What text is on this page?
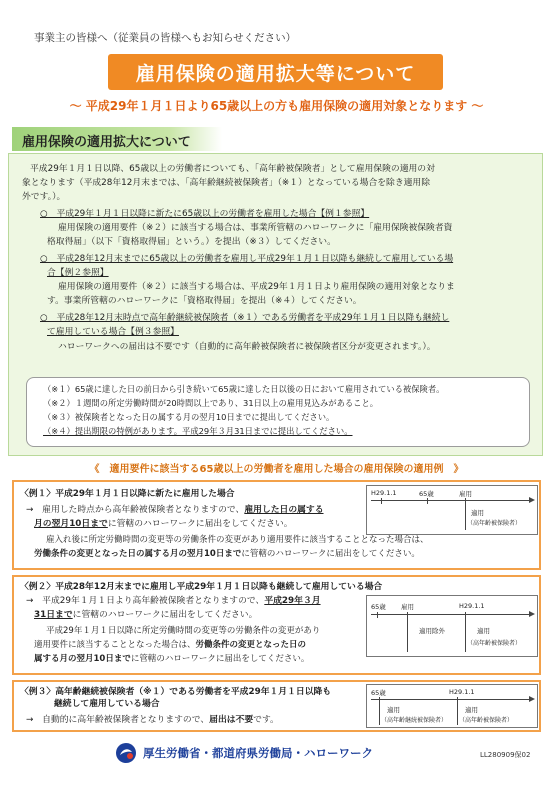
事業主の皆様へ（従業員の皆様へもお知らせください）
雇用保険の適用拡大等について
～ 平成29年１月１日より65歳以上の方も雇用保険の適用対象となります ～
雇用保険の適用拡大について
平成29年１月１日以降、65歳以上の労働者についても、「高年齢被保険者」として雇用保険の適用の対
象となります（平成28年12月末までは、「高年齢継続被保険者」（※１）となっている場合を除き適用除
外です。）。
○　平成29年１月１日以降に新たに65歳以上の労働者を雇用した場合【例１参照】
雇用保険の適用要件（※２）に該当する場合は、事業所管轄のハローワークに「雇用保険被保険者資
格取得届」（以下「資格取得届」という。）を提出（※３）してください。
○　平成28年12月末までに65歳以上の労働者を雇用し平成29年１月１日以降も継続して雇用している場
合【例２参照】
雇用保険の適用要件（※２）に該当する場合は、平成29年１月１日より雇用保険の適用対象となりま
す。事業所管轄のハローワークに「資格取得届」を提出（※４）してください。
○　平成28年12月末時点で高年齢継続被保険者（※１）である労働者を平成29年１月１日以降も継続し
て雇用している場合【例３参照】
ハローワークへの届出は不要です（自動的に高年齢被保険者に被保険者区分が変更されます。）。
（※１）65歳に達した日の前日から引き続いて65歳に達した日以後の日において雇用されている被保険者。
（※２）１週間の所定労働時間が20時間以上であり、31日以上の雇用見込みがあること。
（※３）被保険者となった日の属する月の翌月10日までに提出してください。
（※４）提出期限の特例があります。平成29年３月31日までに提出してください。
《　適用要件に該当する65歳以上の労働者を雇用した場合の雇用保険の適用例　》
〈例１〉平成29年１月１日以降に新たに雇用した場合
→　雇用した時点から高年齢被保険者となりますので、雇用した日の属する
月の翌月10日までに管轄のハローワークに届出をしてください。
雇入れ後に所定労働時間の変更等の労働条件の変更があり適用要件に該当することとなった場合は、
労働条件の変更となった日の属する月の翌月10日までに管轄のハローワークに届出をしてください。
H29.1.1	65歳	雇用
適用
（高年齢被保険者）
〈例２〉平成28年12月末までに雇用し平成29年１月１日以降も継続して雇用している場合
→　平成29年１月１日より高年齢被保険者となりますので、平成29年３月
31日までに管轄のハローワークに届出をしてください。
平成29年１月１日以降に所定労働時間の変更等の労働条件の変更があり
適用要件に該当することとなった場合は、労働条件の変更となった日の
属する月の翌月10日までに管轄のハローワークに届出をしてください。
65歳 雇用	H29.1.1
適用除外	適用
（高年齢被保険者）
〈例３〉高年齢継続被保険者（※１）である労働者を平成29年１月１日以降も
継続して雇用している場合
→　自動的に高年齢被保険者となりますので、届出は不要です。
65歳	H29.1.1
適用
（高年齢継続被保険者）
適用
（高年齢被保険者）
厚生労働省・都道府県労働局・ハローワーク	LL280909保02
